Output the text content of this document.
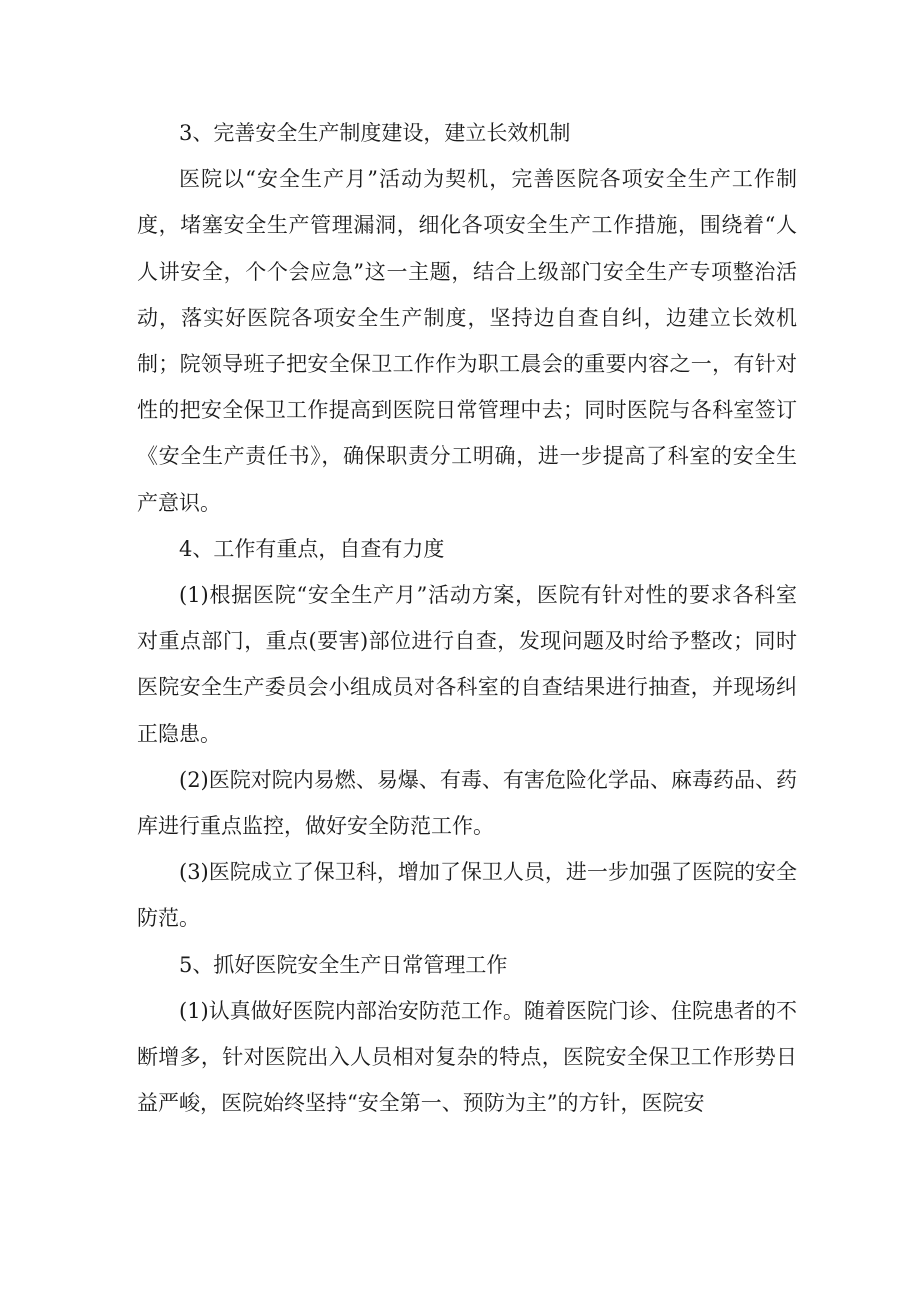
3、完善安全生产制度建设，建立长效机制

医院以“安全生产月”活动为契机，完善医院各项安全生产工作制度，堵塞安全生产管理漏洞，细化各项安全生产工作措施，围绕着“人人讲安全，个个会应急”这一主题，结合上级部门安全生产专项整治活动，落实好医院各项安全生产制度，坚持边自查自纠，边建立长效机制；院领导班子把安全保卫工作作为职工晨会的重要内容之一，有针对性的把安全保卫工作提高到医院日常管理中去；同时医院与各科室签订《安全生产责任书》，确保职责分工明确，进一步提高了科室的安全生产意识。

4、工作有重点，自查有力度

(1)根据医院“安全生产月”活动方案，医院有针对性的要求各科室对重点部门，重点(要害)部位进行自查，发现问题及时给予整改；同时医院安全生产委员会小组成员对各科室的自查结果进行抽查，并现场纠正隐患。

(2)医院对院内易燃、易爆、有毒、有害危险化学品、麻毒药品、药库进行重点监控，做好安全防范工作。

(3)医院成立了保卫科，增加了保卫人员，进一步加强了医院的安全防范。

5、抓好医院安全生产日常管理工作

(1)认真做好医院内部治安防范工作。随着医院门诊、住院患者的不断增多，针对医院出入人员相对复杂的特点，医院安全保卫工作形势日益严峻，医院始终坚持“安全第一、预防为主”的方针，医院安
